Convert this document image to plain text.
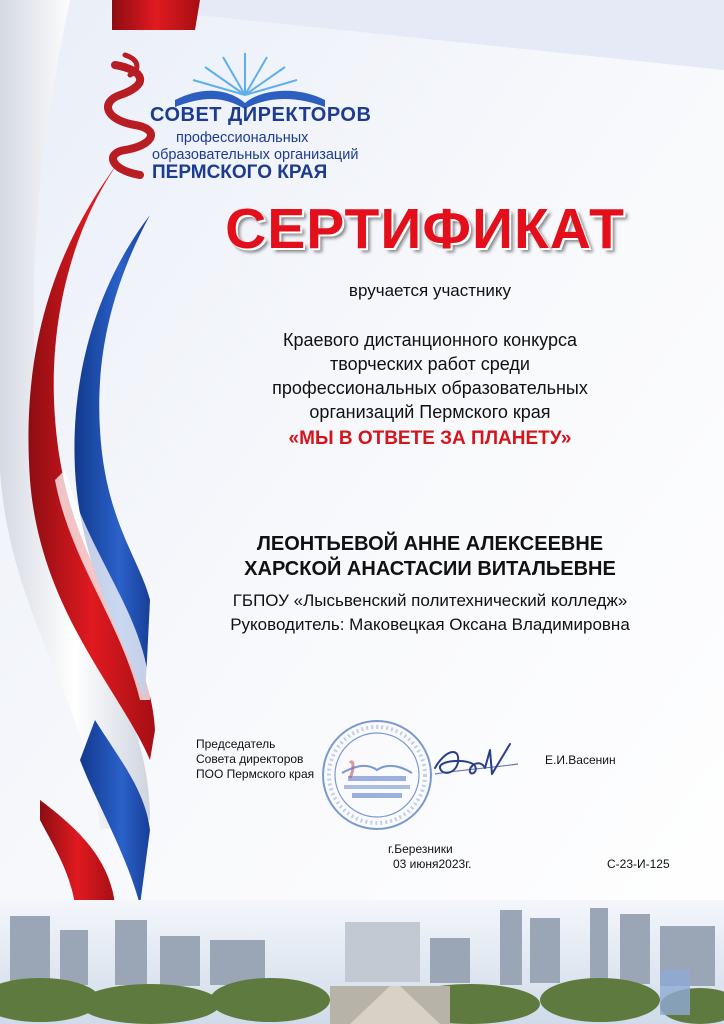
СОВЕТ ДИРЕКТОРОВ
профессиональных
образовательных организаций
ПЕРМСКОГО КРАЯ
СЕРТИФИКАТ
вручается участнику
Краевого дистанционного конкурса
творческих работ среди
профессиональных образовательных
организаций Пермского края
«МЫ В ОТВЕТЕ ЗА ПЛАНЕТУ»
ЛЕОНТЬЕВОЙ АННЕ АЛЕКСЕЕВНЕ
ХАРСКОЙ АНАСТАСИИ ВИТАЛЬЕВНЕ
ГБПОУ «Лысьвенский политехнический колледж»
Руководитель: Маковецкая Оксана Владимировна
Председатель
Совета директоров
ПОО Пермского края
Е.И.Васенин
г.Березники
03 июня2023г.	С-23-И-125
